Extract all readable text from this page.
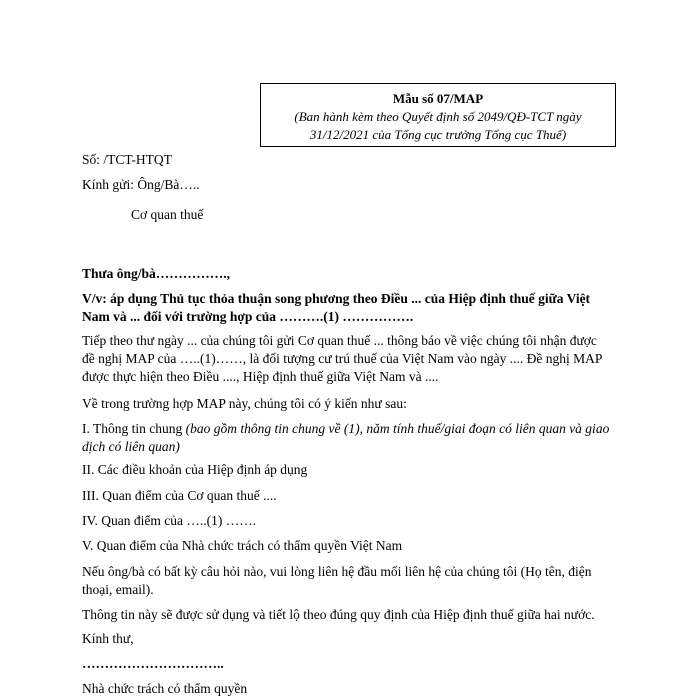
Mẫu số 07/MAP
(Ban hành kèm theo Quyết định số 2049/QĐ-TCT ngày
31/12/2021 của Tổng cục trưởng Tổng cục Thuế)
Số: /TCT-HTQT
Kính gửi: Ông/Bà…..
Cơ quan thuế
Thưa ông/bà…………….,
V/v: áp dụng Thủ tục thỏa thuận song phương theo Điều ... của Hiệp định thuế giữa Việt Nam và ... đối với trường hợp của ……….(1) …………….
Tiếp theo thư ngày ... của chúng tôi gửi Cơ quan thuế ... thông báo về việc chúng tôi nhận được đề nghị MAP của …..(1)……, là đối tượng cư trú thuế của Việt Nam vào ngày .... Đề nghị MAP được thực hiện theo Điều ...., Hiệp định thuế giữa Việt Nam và ....
Về trong trường hợp MAP này, chúng tôi có ý kiến như sau:
I. Thông tin chung (bao gồm thông tin chung về (1), năm tính thuế/giai đoạn có liên quan và giao dịch có liên quan)
II. Các điều khoản của Hiệp định áp dụng
III. Quan điểm của Cơ quan thuế ....
IV. Quan điểm của …..(1) …….
V. Quan điểm của Nhà chức trách có thẩm quyền Việt Nam
Nếu ông/bà có bất kỳ câu hỏi nào, vui lòng liên hệ đầu mối liên hệ của chúng tôi (Họ tên, điện thoại, email).
Thông tin này sẽ được sử dụng và tiết lộ theo đúng quy định của Hiệp định thuế giữa hai nước.
Kính thư,
…………………………..
Nhà chức trách có thẩm quyền
